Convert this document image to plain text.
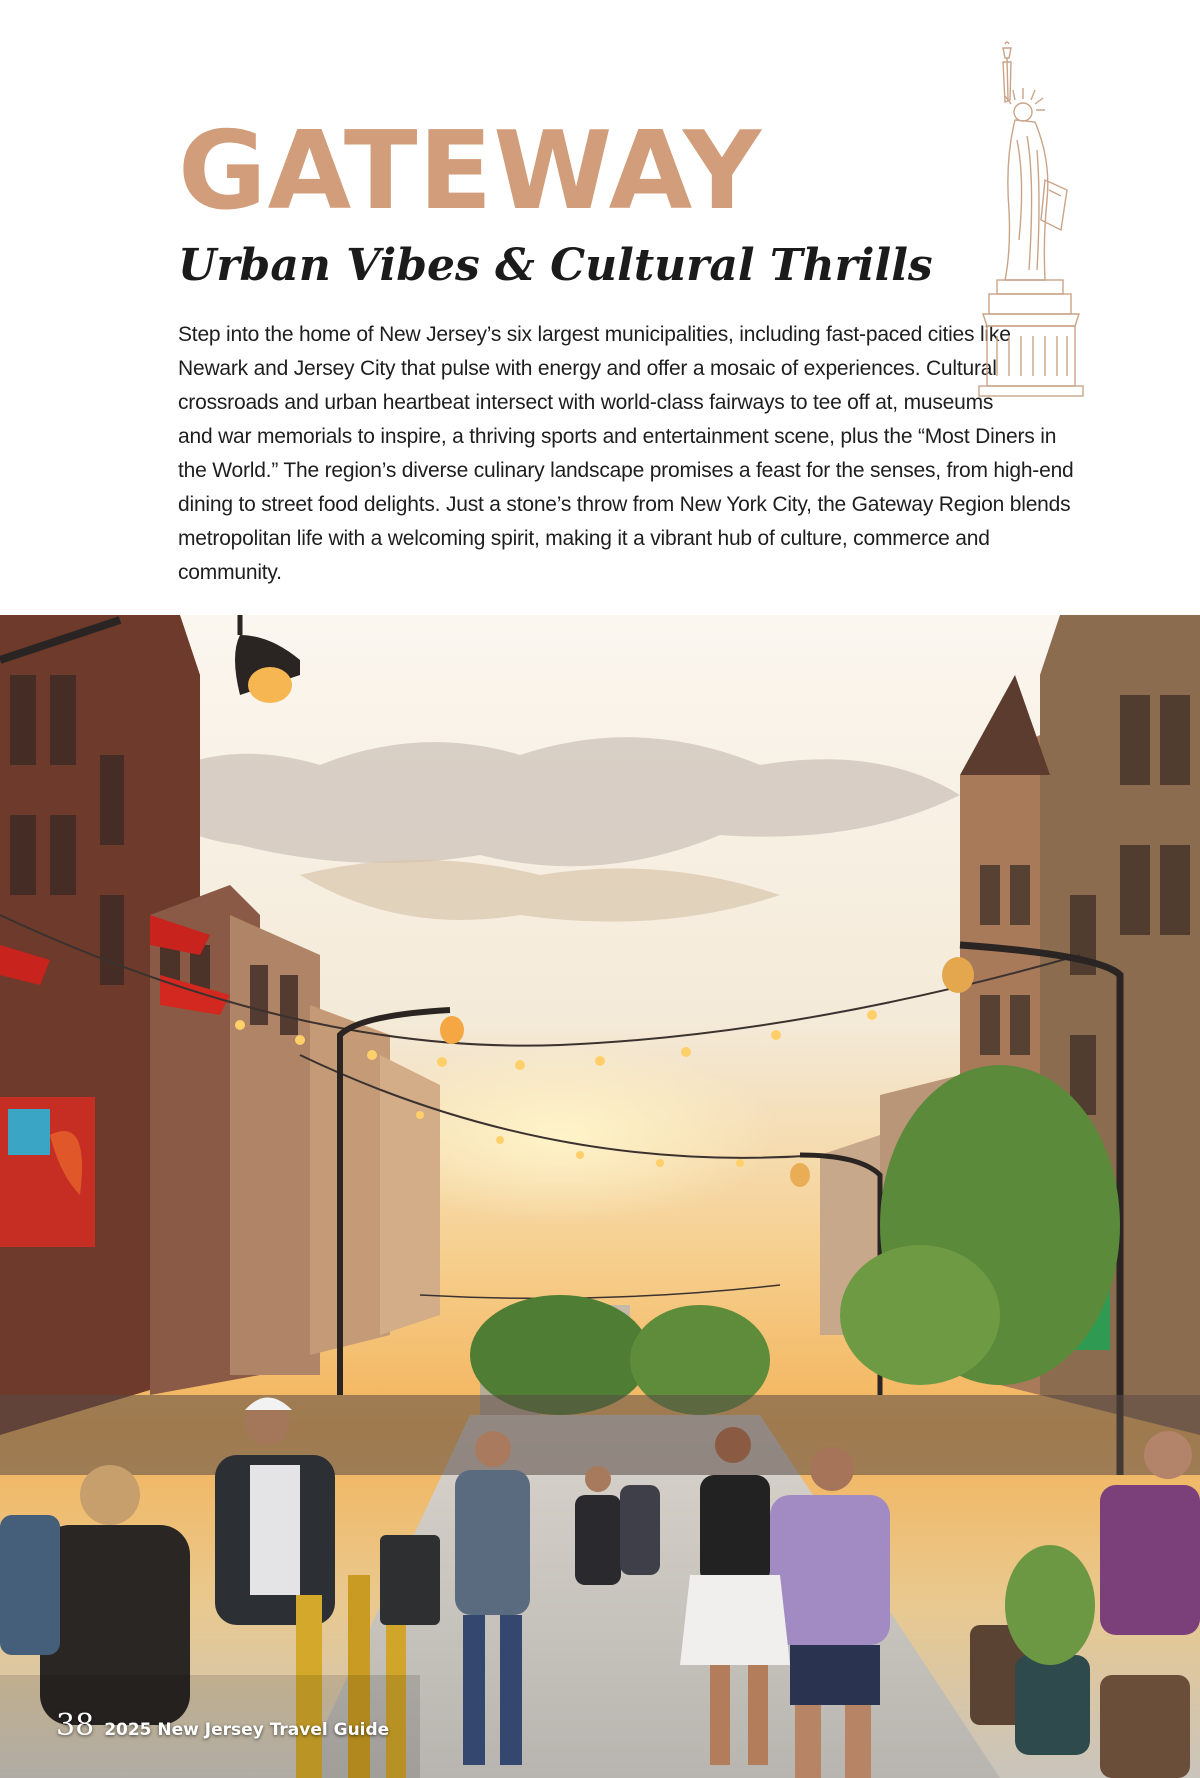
GATEWAY
Urban Vibes & Cultural Thrills
Step into the home of New Jersey’s six largest municipalities, including fast-paced cities like
Newark and Jersey City that pulse with energy and offer a mosaic of experiences. Cultural
crossroads and urban heartbeat intersect with world-class fairways to tee off at, museums
and war memorials to inspire, a thriving sports and entertainment scene, plus the “Most Diners in
the World.” The region’s diverse culinary landscape promises a feast for the senses, from high-end
dining to street food delights. Just a stone’s throw from New York City, the Gateway Region blends
metropolitan life with a welcoming spirit, making it a vibrant hub of culture, commerce and community.
38 2025 New Jersey Travel Guide
